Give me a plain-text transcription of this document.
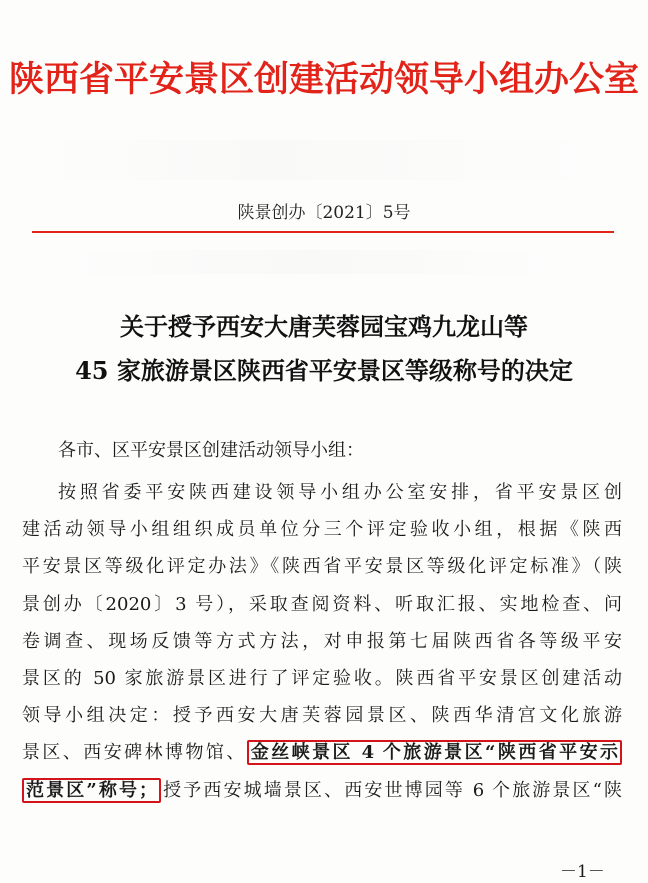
陕西省平安景区创建活动领导小组办公室
陕景创办〔2021〕5号
关于授予西安大唐芙蓉园宝鸡九龙山等
45 家旅游景区陕西省平安景区等级称号的决定
各市、区平安景区创建活动领导小组：
按照省委平安陕西建设领导小组办公室安排，省平安景区创
建活动领导小组组织成员单位分三个评定验收小组，根据《陕西
平安景区等级化评定办法》《陕西省平安景区等级化评定标准》（陕
景创办〔2020〕3 号），采取查阅资料、听取汇报、实地检查、问
卷调查、现场反馈等方式方法，对申报第七届陕西省各等级平安
景区的 50 家旅游景区进行了评定验收。陕西省平安景区创建活动
领导小组决定：授予西安大唐芙蓉园景区、陕西华清宫文化旅游
景区、西安碑林博物馆、 金丝峡景区 4 个旅游景区“陕西省平安示
范景区”称号； 授予西安城墙景区、西安世博园等 6 个旅游景区“陕
－1－
